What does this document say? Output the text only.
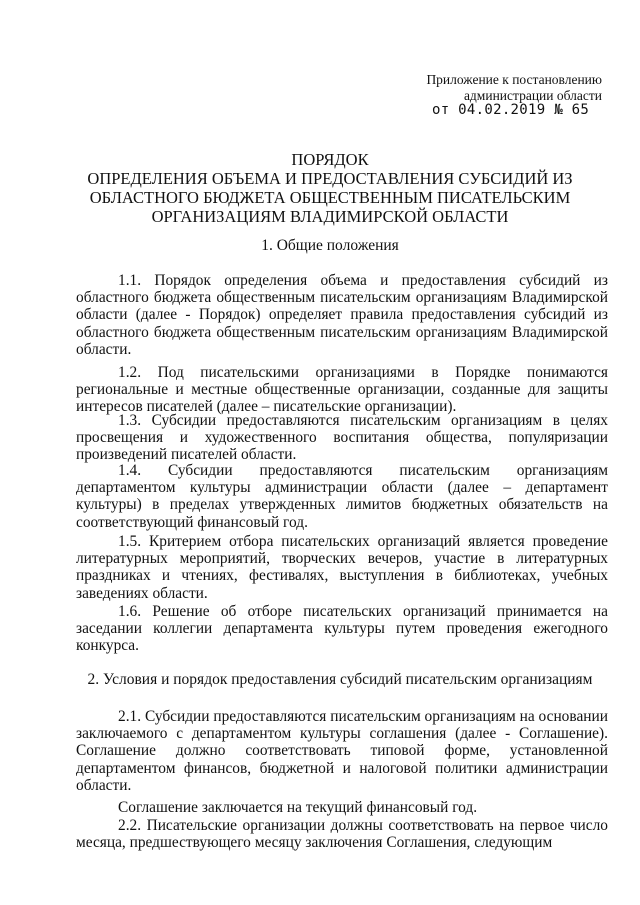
Приложение к постановлению
администрации области
от 04.02.2019 № 65
ПОРЯДОК
ОПРЕДЕЛЕНИЯ ОБЪЕМА И ПРЕДОСТАВЛЕНИЯ СУБСИДИЙ ИЗ
ОБЛАСТНОГО БЮДЖЕТА ОБЩЕСТВЕННЫМ ПИСАТЕЛЬСКИМ
ОРГАНИЗАЦИЯМ ВЛАДИМИРСКОЙ ОБЛАСТИ
1. Общие положения
1.1. Порядок определения объема и предоставления субсидий из областного бюджета общественным писательским организациям Владимирской области (далее - Порядок) определяет правила предоставления субсидий из областного бюджета общественным писательским организациям Владимирской области.
1.2. Под писательскими организациями в Порядке понимаются региональные и местные общественные организации, созданные для защиты интересов писателей (далее – писательские организации).
1.3. Субсидии предоставляются писательским организациям в целях просвещения и художественного воспитания общества, популяризации произведений писателей области.
1.4. Субсидии предоставляются писательским организациям департаментом культуры администрации области (далее – департамент культуры) в пределах утвержденных лимитов бюджетных обязательств на соответствующий финансовый год.
1.5. Критерием отбора писательских организаций является проведение литературных мероприятий, творческих вечеров, участие в литературных праздниках и чтениях, фестивалях, выступления в библиотеках, учебных заведениях области.
1.6. Решение об отборе писательских организаций принимается на заседании коллегии департамента культуры путем проведения ежегодного конкурса.
2. Условия и порядок предоставления субсидий писательским организациям
2.1. Субсидии предоставляются писательским организациям на основании заключаемого с департаментом культуры соглашения (далее - Соглашение). Соглашение должно соответствовать типовой форме, установленной департаментом финансов, бюджетной и налоговой политики администрации области.
Соглашение заключается на текущий финансовый год.
2.2. Писательские организации должны соответствовать на первое число месяца, предшествующего месяцу заключения Соглашения, следующим
